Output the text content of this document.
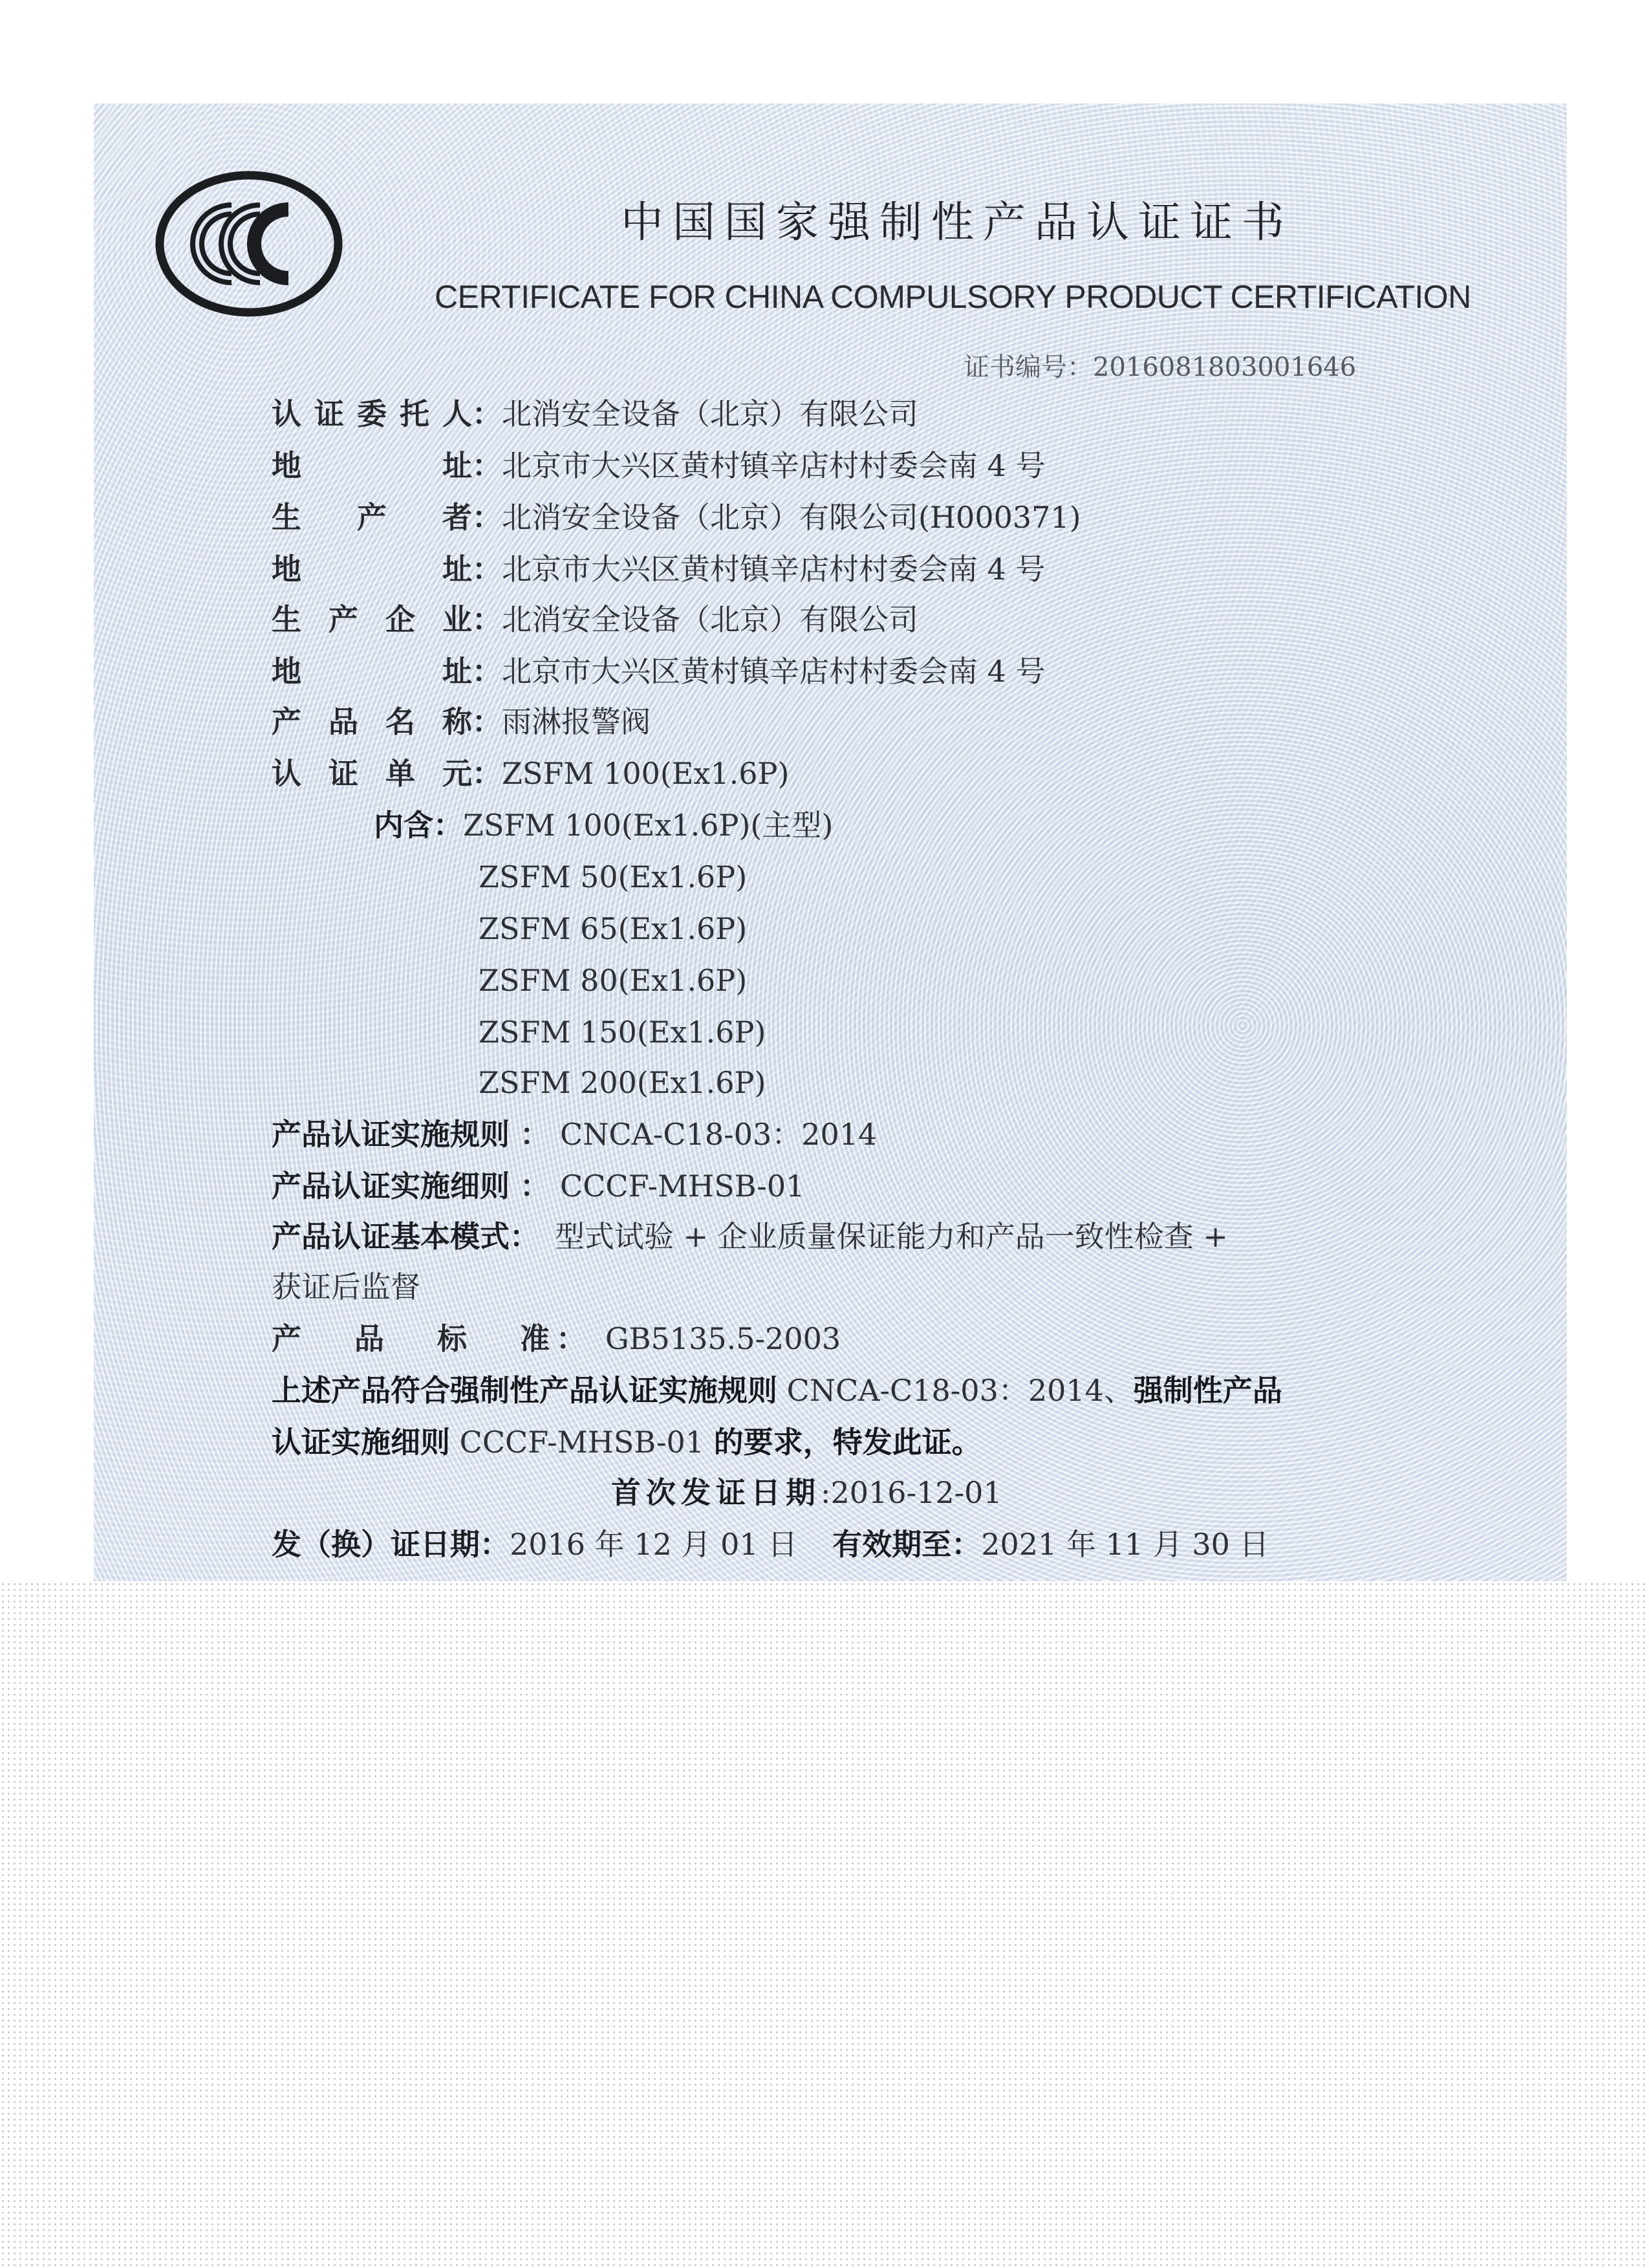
中国国家强制性产品认证证书
CERTIFICATE FOR CHINA COMPULSORY PRODUCT CERTIFICATION
证书编号：2016081803001646
认证委托人：北消安全设备（北京）有限公司
地址：北京市大兴区黄村镇辛店村村委会南 4 号
生产者：北消安全设备（北京）有限公司(H000371)
地址：北京市大兴区黄村镇辛店村村委会南 4 号
生产企业：北消安全设备（北京）有限公司
地址：北京市大兴区黄村镇辛店村村委会南 4 号
产品名称：雨淋报警阀
认证单元：ZSFM 100(Ex1.6P)
内含：ZSFM 100(Ex1.6P)(主型)
ZSFM 50(Ex1.6P)
ZSFM 65(Ex1.6P)
ZSFM 80(Ex1.6P)
ZSFM 150(Ex1.6P)
ZSFM 200(Ex1.6P)
产品认证实施规则 ： CNCA-C18-03：2014
产品认证实施细则 ： CCCF-MHSB-01
产品认证基本模式： 型式试验 + 企业质量保证能力和产品一致性检查 +
获证后监督
产品标准 ： GB5135.5-2003
上述产品符合强制性产品认证实施规则 CNCA-C18-03：2014、强制性产品
认证实施细则 CCCF-MHSB-01 的要求，特发此证。
首次发证日期:2016-12-01
发（换）证日期：2016 年 12 月 01 日 有效期至：2021 年 11 月 30 日
